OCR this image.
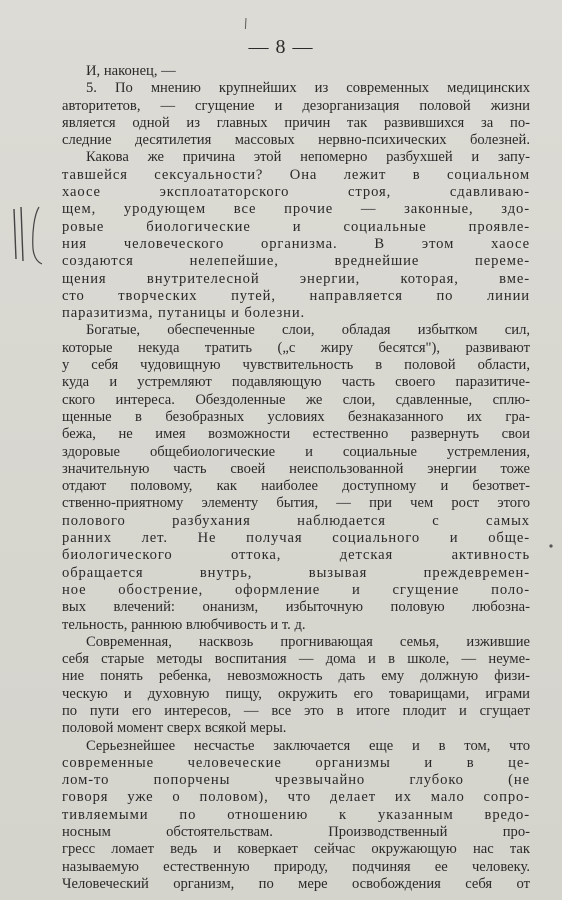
— 8 —
И, наконец, —
5. По мнению крупнейших из современных медицинских
авторитетов, — сгущение и дезорганизация половой жизни
является одной из главных причин так развившихся за по-
следние десятилетия массовых нервно-психических болезней.
Какова же причина этой непомерно разбухшей и запу-
тавшейся сексуальности? Она лежит в социальном
хаосе эксплоататорского строя, сдавливаю-
щем, уродующем все прочие — законные, здо-
ровые биологические и социальные проявле-
ния человеческого организма. В этом хаосе
создаются нелепейшие, вреднейшие переме-
щения внутрителесной энергии, которая, вме-
сто творческих путей, направляется по линии
паразитизма, путаницы и болезни.
Богатые, обеспеченные слои, обладая избытком сил,
которые некуда тратить („с жиру бесятся"), развивают
у себя чудовищную чувствительность в половой области,
куда и устремляют подавляющую часть своего паразитиче-
ского интереса. Обездоленные же слои, сдавленные, сплю-
щенные в безобразных условиях безнаказанного их гра-
бежа, не имея возможности естественно развернуть свои
здоровые общебиологические и социальные устремления,
значительную часть своей неиспользованной энергии тоже
отдают половому, как наиболее доступному и безответ-
ственно-приятному элементу бытия, — при чем рост этого
полового разбухания наблюдается с самых
ранних лет. Не получая социального и обще-
биологического оттока, детская активность
обращается внутрь, вызывая преждевремен-
ное обострение, оформление и сгущение поло-
вых влечений: онанизм, избыточную половую любознa-
тельность, раннюю влюбчивость и т. д.
Современная, насквозь прогнивающая семья, изжившие
себя старые методы воспитания — дома и в школе, — неуме-
ние понять ребенка, невозможность дать ему должную физи-
ческую и духовную пищу, окружить его товарищами, играми
по пути его интересов, — все это в итоге плодит и сгущает
половой момент сверх всякой меры.
Серьезнейшее несчастье заключается еще и в том, что
современные человеческие организмы и в це-
лом-то попорчены чрезвычайно глубоко (не
говоря уже о половом), что делает их мало сопро-
тивляемыми по отношению к указанным вредо-
носным обстоятельствам. Производственный про-
гресс ломает ведь и коверкает сейчас окружающую нас так
называемую естественную природу, подчиняя ее человеку.
Человеческий организм, по мере освобождения себя от
